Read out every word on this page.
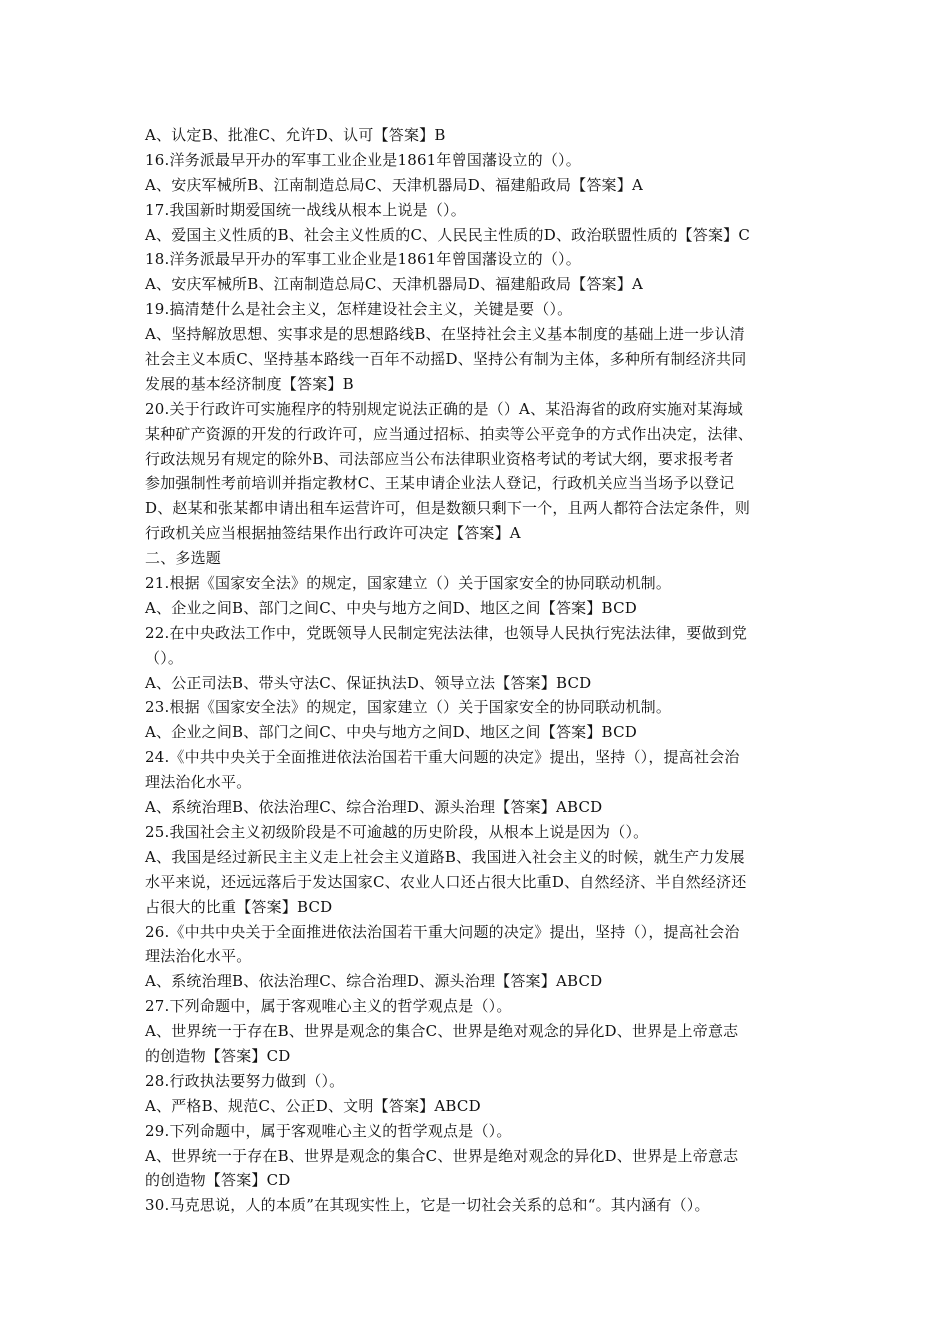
A、认定B、批准C、允许D、认可【答案】B
16.洋务派最早开办的军事工业企业是1861年曾国藩设立的（）。
A、安庆军械所B、江南制造总局C、天津机器局D、福建船政局【答案】A
17.我国新时期爱国统一战线从根本上说是（）。
A、爱国主义性质的B、社会主义性质的C、人民民主性质的D、政治联盟性质的【答案】C
18.洋务派最早开办的军事工业企业是1861年曾国藩设立的（）。
A、安庆军械所B、江南制造总局C、天津机器局D、福建船政局【答案】A
19.搞清楚什么是社会主义，怎样建设社会主义，关键是要（）。
A、坚持解放思想、实事求是的思想路线B、在坚持社会主义基本制度的基础上进一步认清
社会主义本质C、坚持基本路线一百年不动摇D、坚持公有制为主体，多种所有制经济共同
发展的基本经济制度【答案】B
20.关于行政许可实施程序的特别规定说法正确的是（）A、某沿海省的政府实施对某海域
某种矿产资源的开发的行政许可，应当通过招标、拍卖等公平竞争的方式作出决定，法律、
行政法规另有规定的除外B、司法部应当公布法律职业资格考试的考试大纲，要求报考者
参加强制性考前培训并指定教材C、王某申请企业法人登记，行政机关应当当场予以登记
D、赵某和张某都申请出租车运营许可，但是数额只剩下一个，且两人都符合法定条件，则
行政机关应当根据抽签结果作出行政许可决定【答案】A
二、多选题
21.根据《国家安全法》的规定，国家建立（）关于国家安全的协同联动机制。
A、企业之间B、部门之间C、中央与地方之间D、地区之间【答案】BCD
22.在中央政法工作中，党既领导人民制定宪法法律，也领导人民执行宪法法律，要做到党
（）。
A、公正司法B、带头守法C、保证执法D、领导立法【答案】BCD
23.根据《国家安全法》的规定，国家建立（）关于国家安全的协同联动机制。
A、企业之间B、部门之间C、中央与地方之间D、地区之间【答案】BCD
24.《中共中央关于全面推进依法治国若干重大问题的决定》提出，坚持（），提高社会治
理法治化水平。
A、系统治理B、依法治理C、综合治理D、源头治理【答案】ABCD
25.我国社会主义初级阶段是不可逾越的历史阶段，从根本上说是因为（）。
A、我国是经过新民主主义走上社会主义道路B、我国进入社会主义的时候，就生产力发展
水平来说，还远远落后于发达国家C、农业人口还占很大比重D、自然经济、半自然经济还
占很大的比重【答案】BCD
26.《中共中央关于全面推进依法治国若干重大问题的决定》提出，坚持（），提高社会治
理法治化水平。
A、系统治理B、依法治理C、综合治理D、源头治理【答案】ABCD
27.下列命题中，属于客观唯心主义的哲学观点是（）。
A、世界统一于存在B、世界是观念的集合C、世界是绝对观念的异化D、世界是上帝意志
的创造物【答案】CD
28.行政执法要努力做到（）。
A、严格B、规范C、公正D、文明【答案】ABCD
29.下列命题中，属于客观唯心主义的哲学观点是（）。
A、世界统一于存在B、世界是观念的集合C、世界是绝对观念的异化D、世界是上帝意志
的创造物【答案】CD
30.马克思说，人的本质”在其现实性上，它是一切社会关系的总和“。其内涵有（）。
